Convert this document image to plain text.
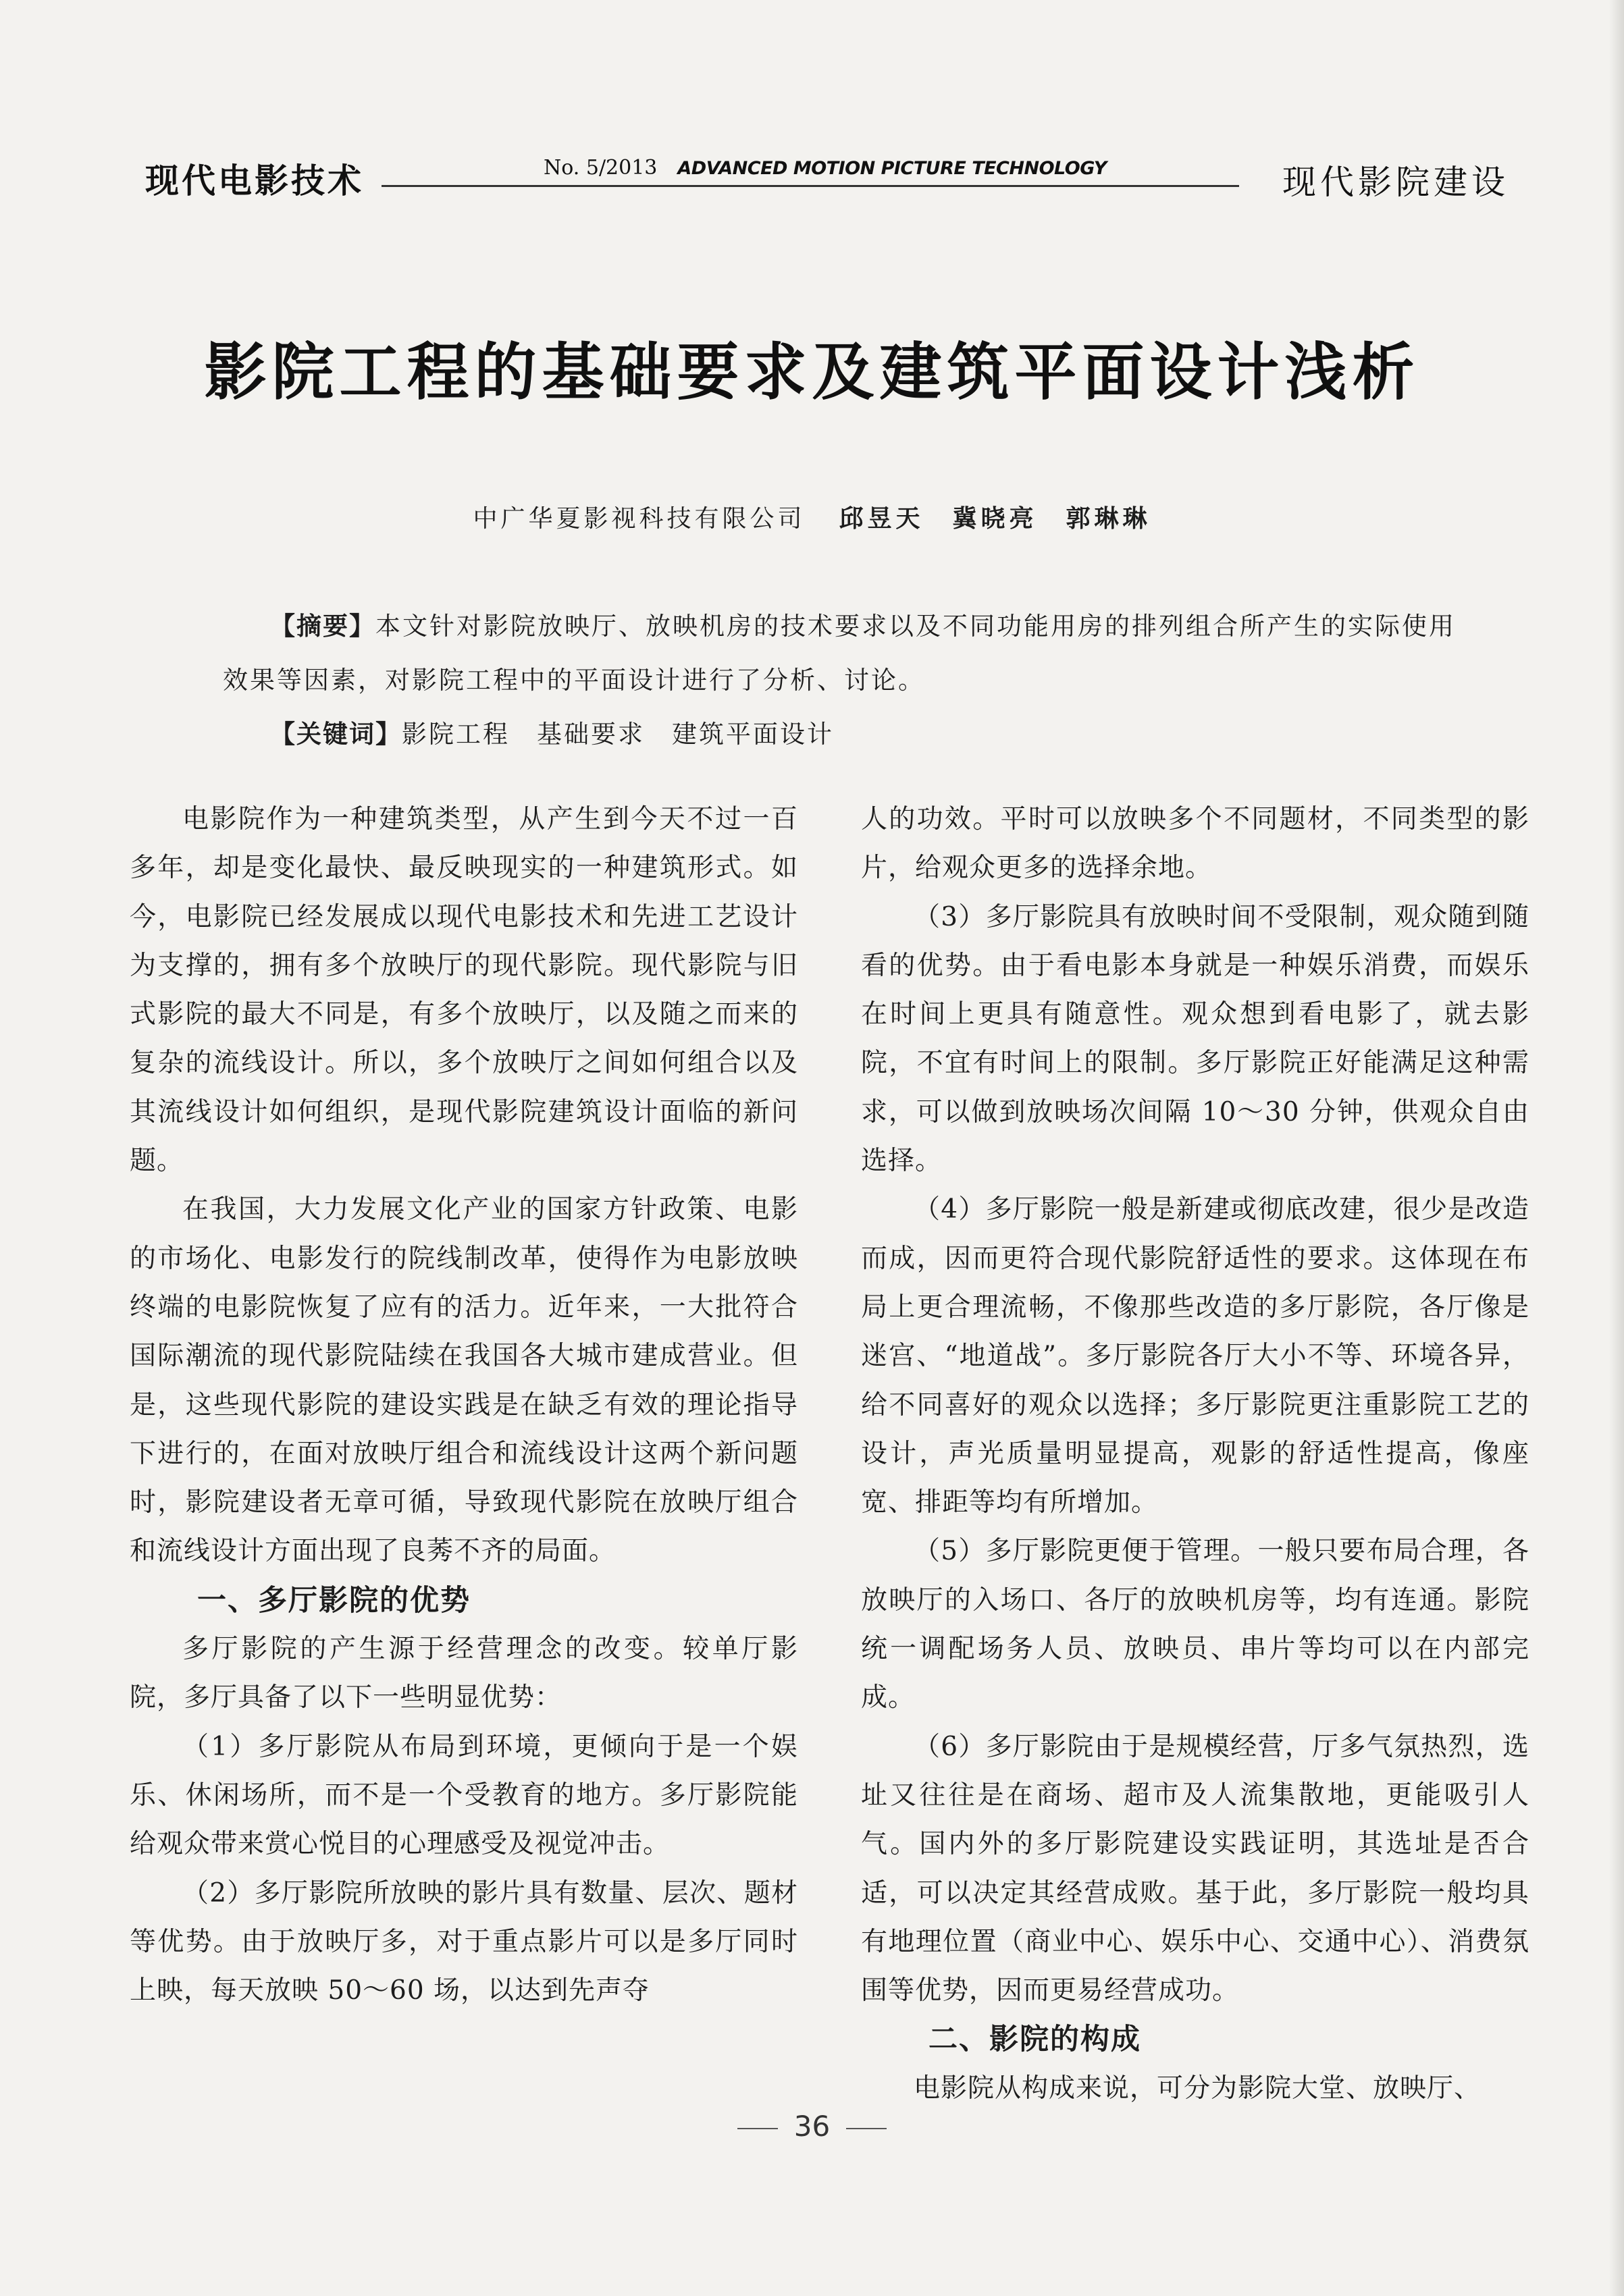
现代电影技术	No. 5/2013 ADVANCED MOTION PICTURE TECHNOLOGY	现代影院建设
影院工程的基础要求及建筑平面设计浅析
中广华夏影视科技有限公司 邱昱天　冀晓亮　郭琳琳

【摘要】本文针对影院放映厅、放映机房的技术要求以及不同功能用房的排列组合所产生的实际使用效果等因素，对影院工程中的平面设计进行了分析、讨论。

【关键词】影院工程　基础要求　建筑平面设计

电影院作为一种建筑类型，从产生到今天不过一百多年，却是变化最快、最反映现实的一种建筑形式。如今，电影院已经发展成以现代电影技术和先进工艺设计为支撑的，拥有多个放映厅的现代影院。现代影院与旧式影院的最大不同是，有多个放映厅，以及随之而来的复杂的流线设计。所以，多个放映厅之间如何组合以及其流线设计如何组织，是现代影院建筑设计面临的新问题。

在我国，大力发展文化产业的国家方针政策、电影的市场化、电影发行的院线制改革，使得作为电影放映终端的电影院恢复了应有的活力。近年来，一大批符合国际潮流的现代影院陆续在我国各大城市建成营业。但是，这些现代影院的建设实践是在缺乏有效的理论指导下进行的，在面对放映厅组合和流线设计这两个新问题时，影院建设者无章可循，导致现代影院在放映厅组合和流线设计方面出现了良莠不齐的局面。

一、多厅影院的优势

多厅影院的产生源于经营理念的改变。较单厅影院，多厅具备了以下一些明显优势：

（1）多厅影院从布局到环境，更倾向于是一个娱乐、休闲场所，而不是一个受教育的地方。多厅影院能给观众带来赏心悦目的心理感受及视觉冲击。

（2）多厅影院所放映的影片具有数量、层次、题材等优势。由于放映厅多，对于重点影片可以是多厅同时上映，每天放映 50～60 场，以达到先声夺

人的功效。平时可以放映多个不同题材，不同类型的影片，给观众更多的选择余地。

（3）多厅影院具有放映时间不受限制，观众随到随看的优势。由于看电影本身就是一种娱乐消费，而娱乐在时间上更具有随意性。观众想到看电影了，就去影院，不宜有时间上的限制。多厅影院正好能满足这种需求，可以做到放映场次间隔 10～30 分钟，供观众自由选择。

（4）多厅影院一般是新建或彻底改建，很少是改造而成，因而更符合现代影院舒适性的要求。这体现在布局上更合理流畅，不像那些改造的多厅影院，各厅像是迷宫、“地道战”。多厅影院各厅大小不等、环境各异，给不同喜好的观众以选择；多厅影院更注重影院工艺的设计，声光质量明显提高，观影的舒适性提高，像座宽、排距等均有所增加。

（5）多厅影院更便于管理。一般只要布局合理，各放映厅的入场口、各厅的放映机房等，均有连通。影院统一调配场务人员、放映员、串片等均可以在内部完成。

（6）多厅影院由于是规模经营，厅多气氛热烈，选址又往往是在商场、超市及人流集散地，更能吸引人气。国内外的多厅影院建设实践证明，其选址是否合适，可以决定其经营成败。基于此，多厅影院一般均具有地理位置（商业中心、娱乐中心、交通中心）、消费氛围等优势，因而更易经营成功。

二、影院的构成

电影院从构成来说，可分为影院大堂、放映厅、

36
